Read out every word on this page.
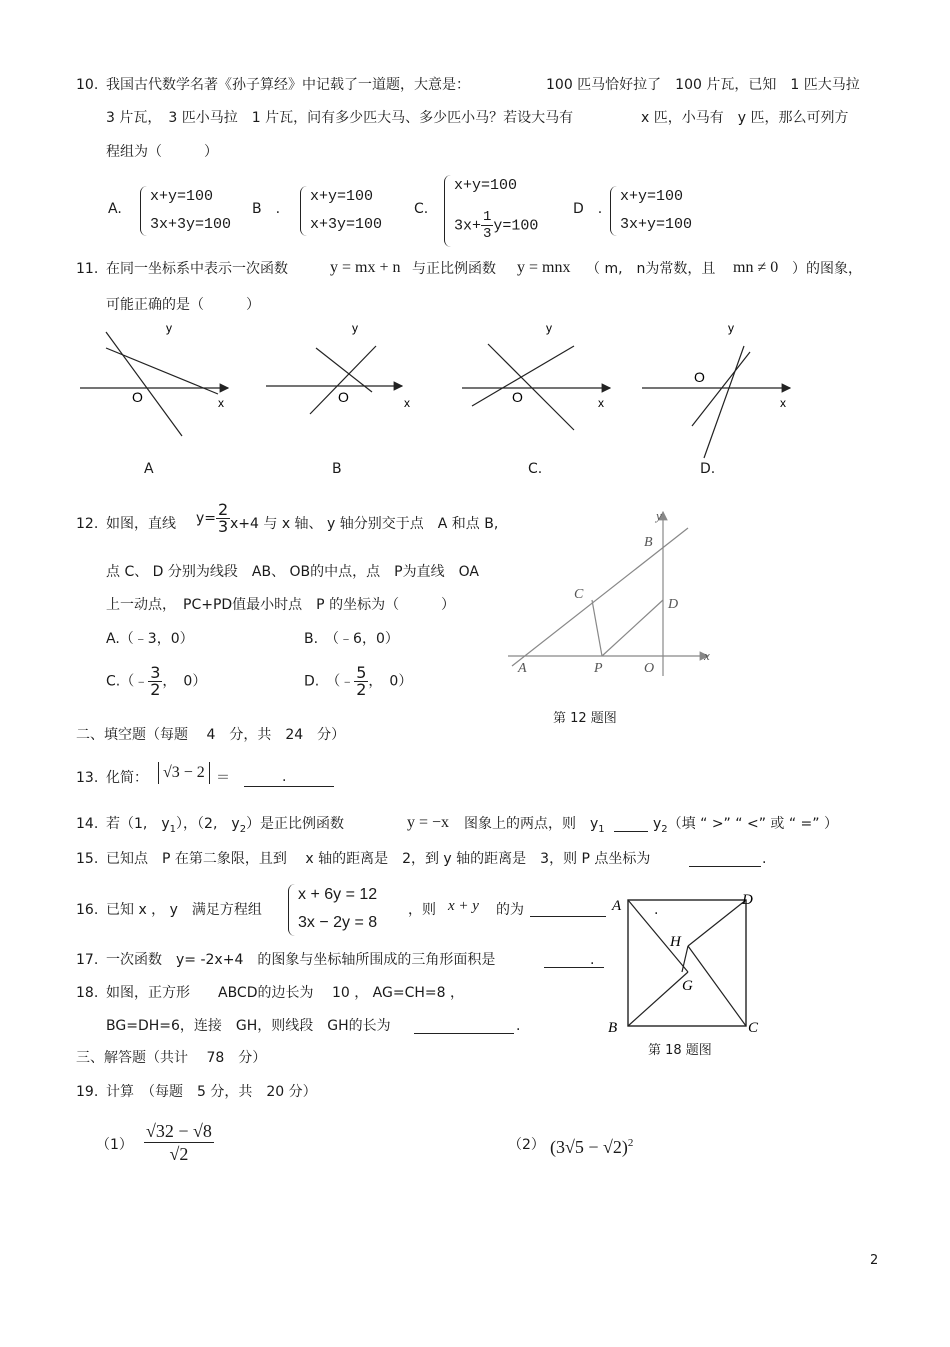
10. 我国古代数学名著《孙子算经》中记载了一道题，大意是：	100 匹马恰好拉了　100 片瓦，已知　1 匹大马拉
3 片瓦，　3 匹小马拉　1 片瓦，问有多少匹大马、多少匹小马？若设大马有	x 匹，小马有　y 匹，那么可列方
程组为（　　　）
A.
x+y=100
3x+3y=100
B　.
x+y=100
x+3y=100
C.
x+y=100
$3x+ \frac{1}{3} y=100$
D　.
x+y=100
3x+y=100
11. 在同一坐标系中表示一次函数	y = mx + n 与正比例函数 y = mnx （ m,　n为常数，且 mn ≠ 0 ）的图象，
可能正确的是（　　　）
y
O	x
A
y
O	x
B
y
O	x
C.
y
O
x
D.
12. 如图，直线 $y= \frac{2}{3} x+4$ 与 x 轴、 y 轴分别交于点　A 和点 B,
点 C、 D 分别为线段　AB、 OB的中点，点　P为直线　OA
上一动点，　PC+PD值最小时点　P 的坐标为（　　　）
A.（﹣3，0）	B.　（﹣6，0）
C.（﹣ $\frac{3}{2}$ ，　0）	D.　（﹣ $\frac{5}{2}$ ，　0）
y
x
B
C
D
A	P	O
第 12 题图
二、填空题（每题　 4　分，共　24　分）
13. 化简： √3 − 2 ＝	.
14. 若（1,　$y_1$），（2,　$y_2$）是正比例函数	y = −x 图象上的两点，则　$y_1$	$y_2$（填 “ >” “ <” 或 “ =” ）
15. 已知点　P 在第二象限，且到　 x 轴的距离是　2，到 y 轴的距离是　3，则 P 点坐标为	.
16. 已知 x ， y　满足方程组
x + 6y = 12
3x − 2y = 8
，则 x + y 的为	.
17. 一次函数　y= -2x+4　的图象与坐标轴所围成的三角形面积是	.
18. 如图，正方形　　ABCD的边长为　 10 ， AG=CH=8 ，
BG=DH=6，连接　GH，则线段　GH的长为	.
A	D
B	C
H
G
第 18 题图
三、解答题（共计　 78　分）
19. 计算　（每题　5 分，共　20 分）
$(1) \frac{√32 - √8}{√2}$	（2） $(3√5 - √2)^2$
2
